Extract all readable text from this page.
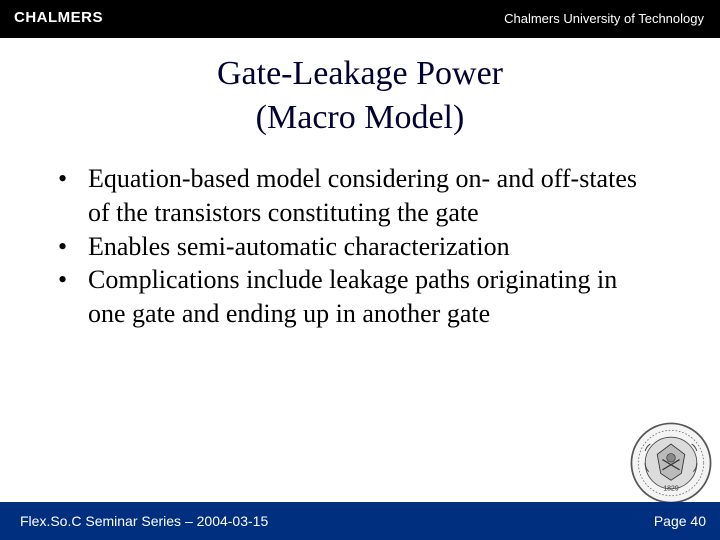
CHALMERS	Chalmers University of Technology
Gate-Leakage Power
(Macro Model)
• Equation-based model considering on- and off-states of the transistors constituting the gate
• Enables semi-automatic characterization
• Complications include leakage paths originating in one gate and ending up in another gate
1829
Flex.So.C Seminar Series – 2004-03-15	Page 40
